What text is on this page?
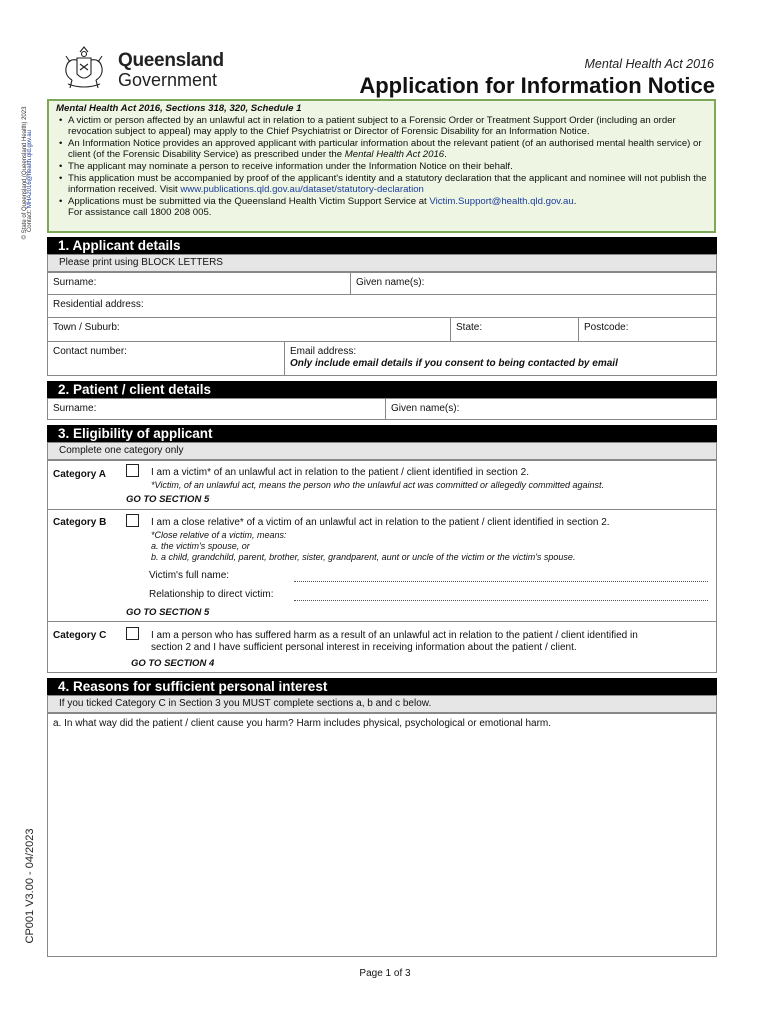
Queensland
Government
Mental Health Act 2016
Application for Information Notice
© State of Queensland (Queensland Health) 2023 Contact: MHA2016@health.qld.gov.au
CP001 V3.00 - 04/2023
Mental Health Act 2016, Sections 318, 320, Schedule 1
• A victim or person affected by an unlawful act in relation to a patient subject to a Forensic Order or Treatment Support Order (including an order revocation subject to appeal) may apply to the Chief Psychiatrist or Director of Forensic Disability for an Information Notice.
• An Information Notice provides an approved applicant with particular information about the relevant patient (of an authorised mental health service) or client (of the Forensic Disability Service) as prescribed under the Mental Health Act 2016.
• The applicant may nominate a person to receive information under the Information Notice on their behalf.
• This application must be accompanied by proof of the applicant's identity and a statutory declaration that the applicant and nominee will not publish the information received. Visit www.publications.qld.gov.au/dataset/statutory-declaration
• Applications must be submitted via the Queensland Health Victim Support Service at Victim.Support@health.qld.gov.au.
For assistance call 1800 208 005.
1. Applicant details
Please print using BLOCK LETTERS
Surname:	Given name(s):
Residential address:
Town / Suburb:	State:	Postcode:
Contact number:	Email address:
Only include email details if you consent to being contacted by email
2. Patient / client details
Surname:	Given name(s):
3. Eligibility of applicant
Complete one category only
Category A	I am a victim* of an unlawful act in relation to the patient / client identified in section 2.
*Victim, of an unlawful act, means the person who the unlawful act was committed or allegedly committed against.
GO TO SECTION 5
Category B	I am a close relative* of a victim of an unlawful act in relation to the patient / client identified in section 2.
*Close relative of a victim, means:
a. the victim's spouse, or
b. a child, grandchild, parent, brother, sister, grandparent, aunt or uncle of the victim or the victim's spouse.
Victim's full name:
Relationship to direct victim:
GO TO SECTION 5
Category C	I am a person who has suffered harm as a result of an unlawful act in relation to the patient / client identified in
section 2 and I have sufficient personal interest in receiving information about the patient / client.
GO TO SECTION 4
4. Reasons for sufficient personal interest
If you ticked Category C in Section 3 you MUST complete sections a, b and c below.
a. In what way did the patient / client cause you harm? Harm includes physical, psychological or emotional harm.
Page 1 of 3
